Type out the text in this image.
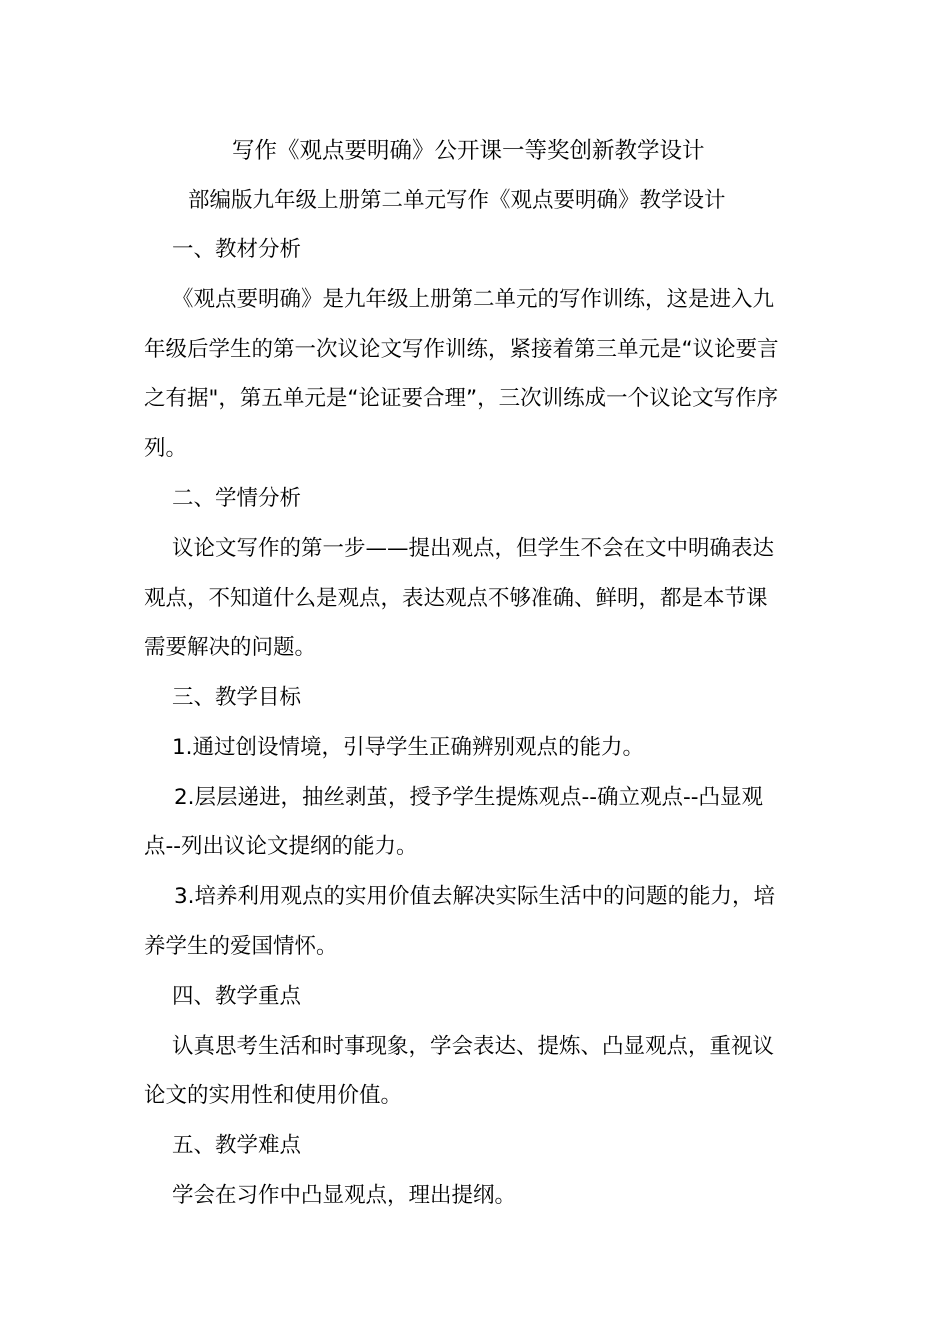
写作《观点要明确》公开课一等奖创新教学设计
部编版九年级上册第二单元写作《观点要明确》教学设计
一、教材分析
《观点要明确》是九年级上册第二单元的写作训练，这是进入九
年级后学生的第一次议论文写作训练，紧接着第三单元是“议论要言
之有据"，第五单元是“论证要合理”，三次训练成一个议论文写作序
列。
二、学情分析
议论文写作的第一步——提出观点，但学生不会在文中明确表达
观点，不知道什么是观点，表达观点不够准确、鲜明，都是本节课
需要解决的问题。
三、教学目标
1.通过创设情境，引导学生正确辨别观点的能力。
2.层层递进，抽丝剥茧，授予学生提炼观点--确立观点--凸显观
点--列出议论文提纲的能力。
3.培养利用观点的实用价值去解决实际生活中的问题的能力，培
养学生的爱国情怀。
四、教学重点
认真思考生活和时事现象，学会表达、提炼、凸显观点，重视议
论文的实用性和使用价值。
五、教学难点
学会在习作中凸显观点，理出提纲。
